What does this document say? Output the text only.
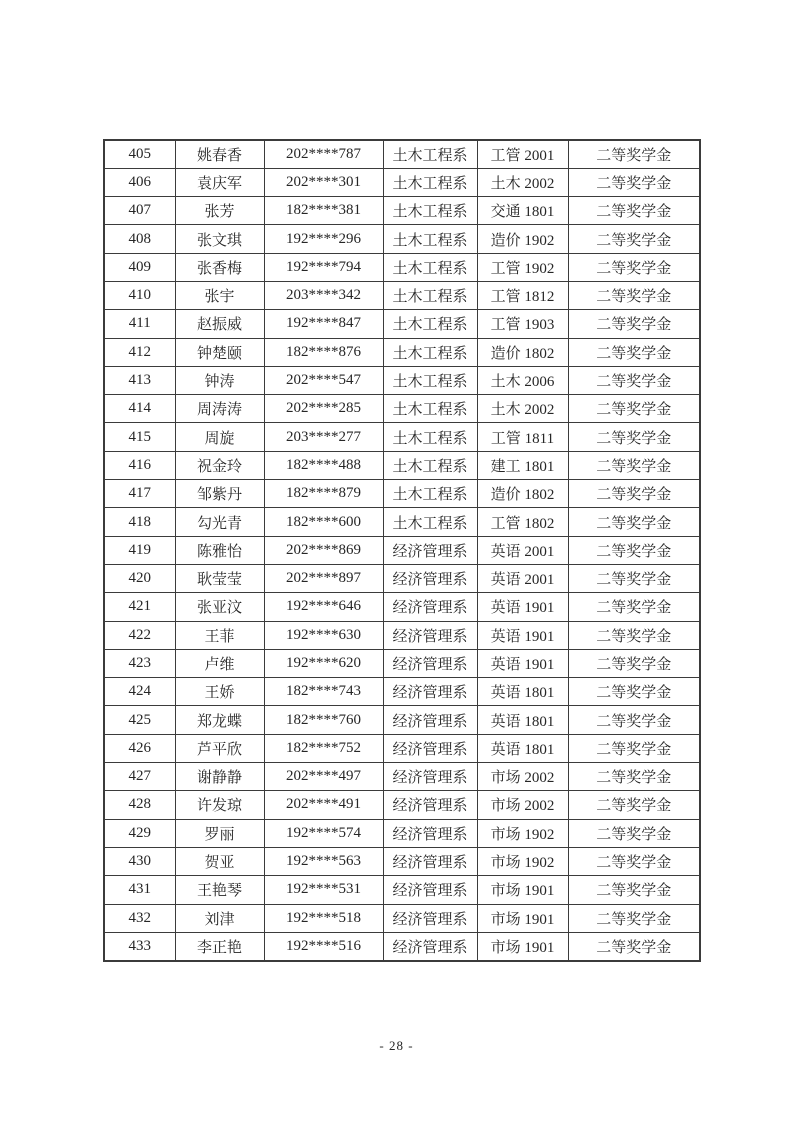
405	姚春香	202****787	土木工程系	工管 2001	二等奖学金
406	袁庆军	202****301	土木工程系	土木 2002	二等奖学金
407	张芳	182****381	土木工程系	交通 1801	二等奖学金
408	张文琪	192****296	土木工程系	造价 1902	二等奖学金
409	张香梅	192****794	土木工程系	工管 1902	二等奖学金
410	张宇	203****342	土木工程系	工管 1812	二等奖学金
411	赵振威	192****847	土木工程系	工管 1903	二等奖学金
412	钟楚颐	182****876	土木工程系	造价 1802	二等奖学金
413	钟涛	202****547	土木工程系	土木 2006	二等奖学金
414	周涛涛	202****285	土木工程系	土木 2002	二等奖学金
415	周旋	203****277	土木工程系	工管 1811	二等奖学金
416	祝金玲	182****488	土木工程系	建工 1801	二等奖学金
417	邹紫丹	182****879	土木工程系	造价 1802	二等奖学金
418	勾光青	182****600	土木工程系	工管 1802	二等奖学金
419	陈雅怡	202****869	经济管理系	英语 2001	二等奖学金
420	耿莹莹	202****897	经济管理系	英语 2001	二等奖学金
421	张亚汶	192****646	经济管理系	英语 1901	二等奖学金
422	王菲	192****630	经济管理系	英语 1901	二等奖学金
423	卢维	192****620	经济管理系	英语 1901	二等奖学金
424	王娇	182****743	经济管理系	英语 1801	二等奖学金
425	郑龙蝶	182****760	经济管理系	英语 1801	二等奖学金
426	芦平欣	182****752	经济管理系	英语 1801	二等奖学金
427	谢静静	202****497	经济管理系	市场 2002	二等奖学金
428	许发琼	202****491	经济管理系	市场 2002	二等奖学金
429	罗丽	192****574	经济管理系	市场 1902	二等奖学金
430	贺亚	192****563	经济管理系	市场 1902	二等奖学金
431	王艳琴	192****531	经济管理系	市场 1901	二等奖学金
432	刘津	192****518	经济管理系	市场 1901	二等奖学金
433	李正艳	192****516	经济管理系	市场 1901	二等奖学金
- 28 -
